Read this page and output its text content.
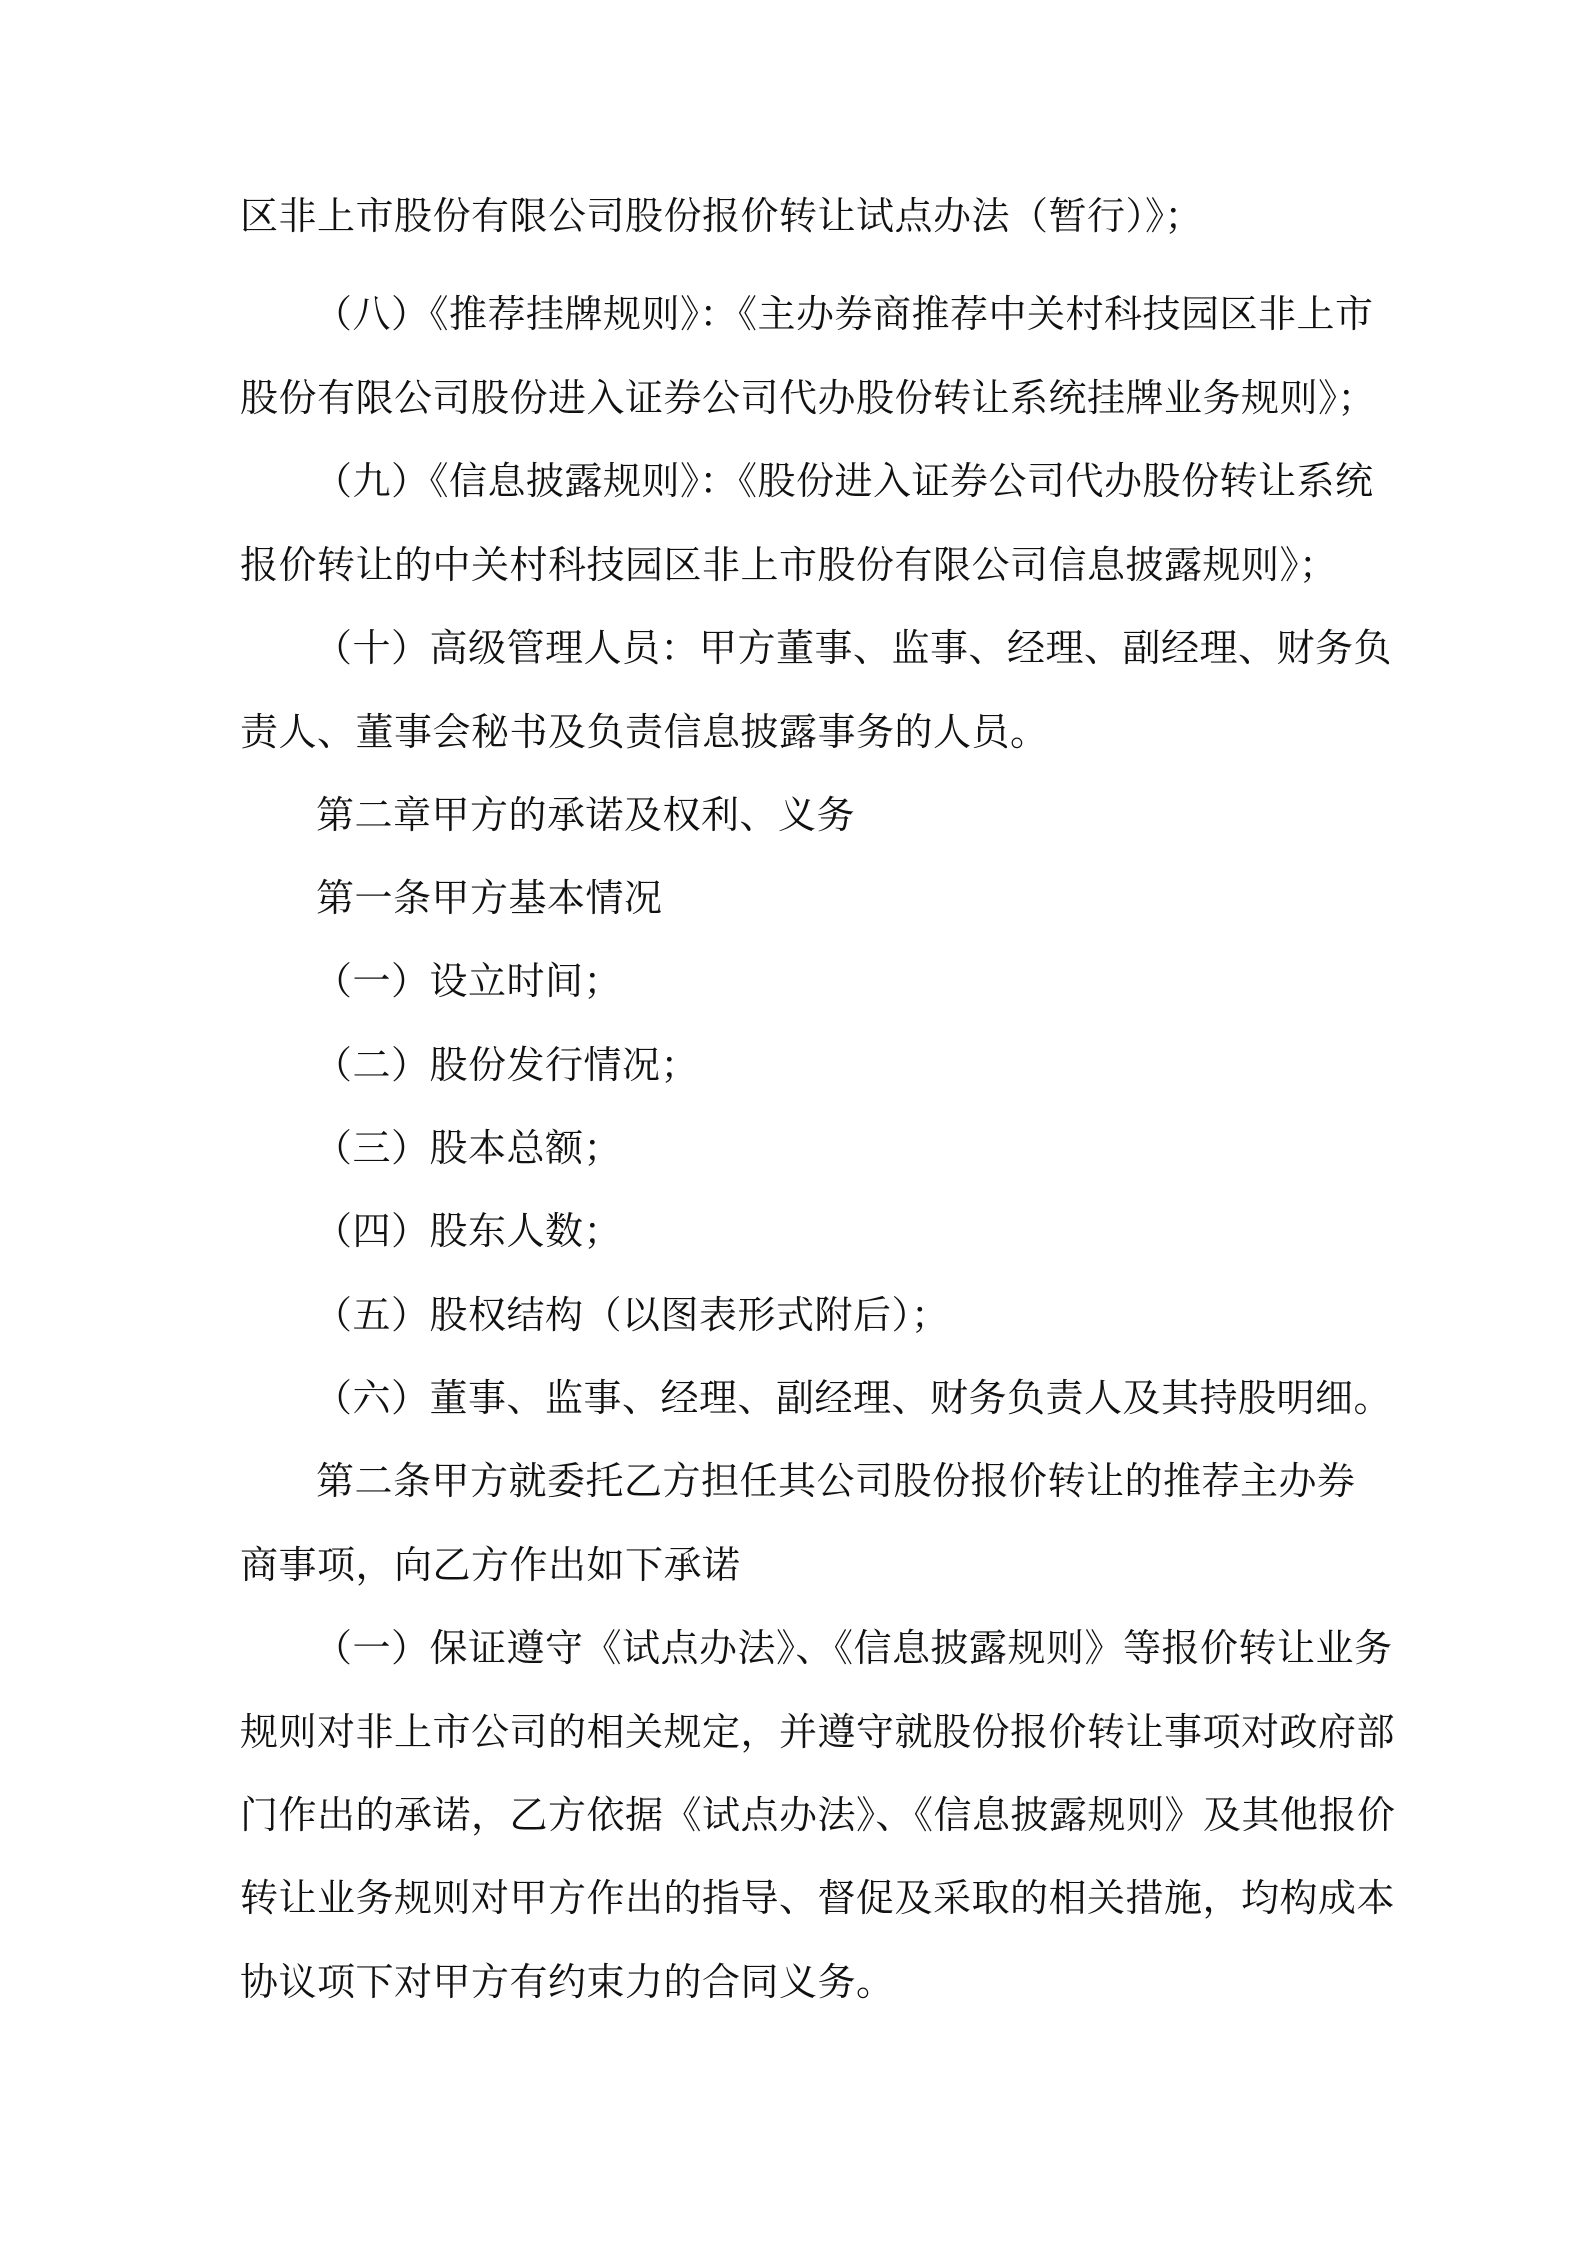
区非上市股份有限公司股份报价转让试点办法（暂行）》；
（八）《推荐挂牌规则》：《主办券商推荐中关村科技园区非上市
股份有限公司股份进入证券公司代办股份转让系统挂牌业务规则》；
（九）《信息披露规则》：《股份进入证券公司代办股份转让系统
报价转让的中关村科技园区非上市股份有限公司信息披露规则》；
（十）高级管理人员：甲方董事、监事、经理、副经理、财务负
责人、董事会秘书及负责信息披露事务的人员。
第二章甲方的承诺及权利、义务
第一条甲方基本情况
（一）设立时间；
（二）股份发行情况；
（三）股本总额；
（四）股东人数；
（五）股权结构（以图表形式附后）；
（六）董事、监事、经理、副经理、财务负责人及其持股明细。
第二条甲方就委托乙方担任其公司股份报价转让的推荐主办券
商事项，向乙方作出如下承诺
（一）保证遵守《试点办法》、《信息披露规则》等报价转让业务
规则对非上市公司的相关规定，并遵守就股份报价转让事项对政府部
门作出的承诺，乙方依据《试点办法》、《信息披露规则》及其他报价
转让业务规则对甲方作出的指导、督促及采取的相关措施，均构成本
协议项下对甲方有约束力的合同义务。
